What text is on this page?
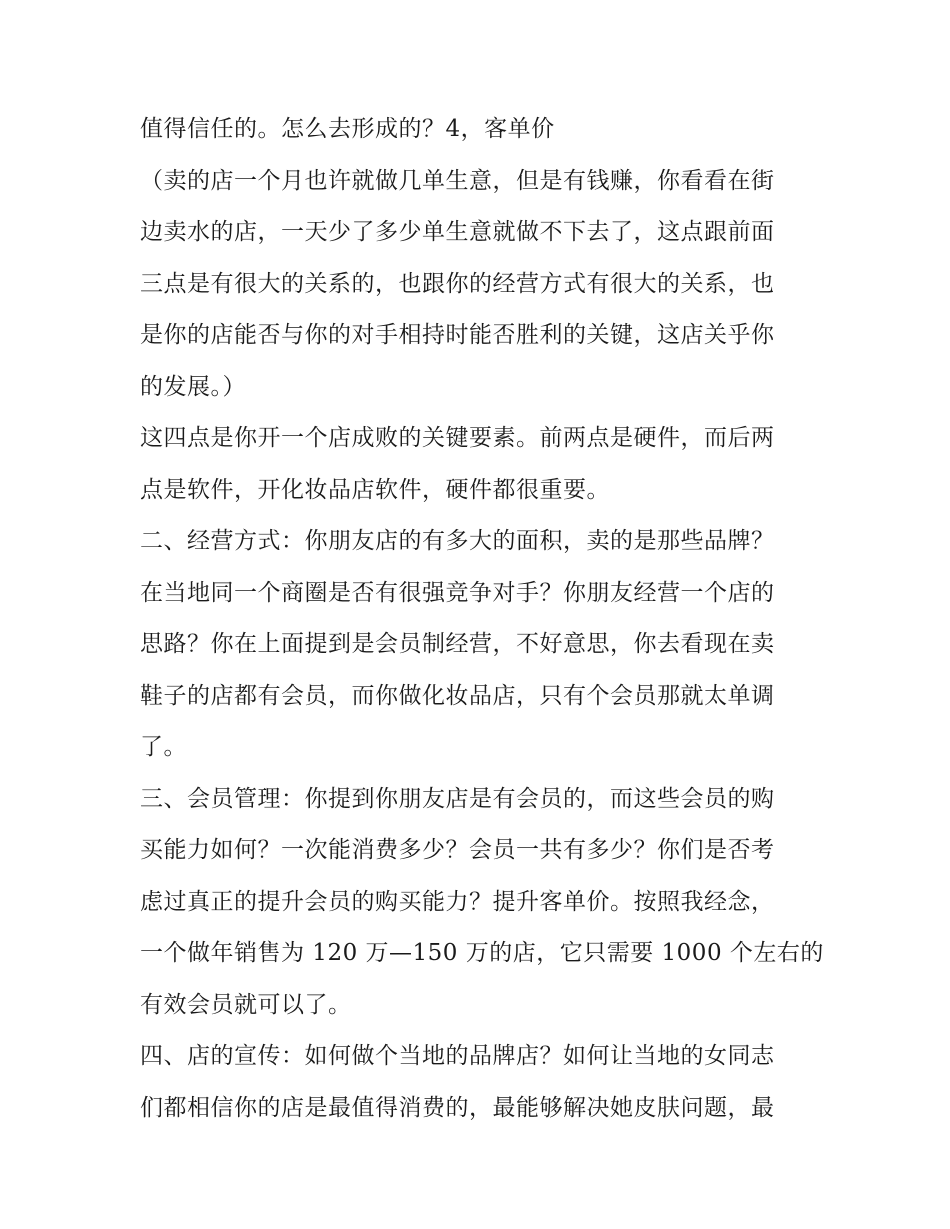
值得信任的。怎么去形成的？4，客单价
（卖的店一个月也许就做几单生意，但是有钱赚，你看看在街
边卖水的店，一天少了多少单生意就做不下去了，这点跟前面
三点是有很大的关系的，也跟你的经营方式有很大的关系，也
是你的店能否与你的对手相持时能否胜利的关键，这店关乎你
的发展。）
这四点是你开一个店成败的关键要素。前两点是硬件，而后两
点是软件，开化妆品店软件，硬件都很重要。
二、经营方式：你朋友店的有多大的面积，卖的是那些品牌？
在当地同一个商圈是否有很强竞争对手？你朋友经营一个店的
思路？你在上面提到是会员制经营，不好意思，你去看现在卖
鞋子的店都有会员，而你做化妆品店，只有个会员那就太单调
了。
三、会员管理：你提到你朋友店是有会员的，而这些会员的购
买能力如何？一次能消费多少？会员一共有多少？你们是否考
虑过真正的提升会员的购买能力？提升客单价。按照我经念，
一个做年销售为 120 万—150 万的店，它只需要 1000 个左右的
有效会员就可以了。
四、店的宣传：如何做个当地的品牌店？如何让当地的女同志
们都相信你的店是最值得消费的，最能够解决她皮肤问题，最
